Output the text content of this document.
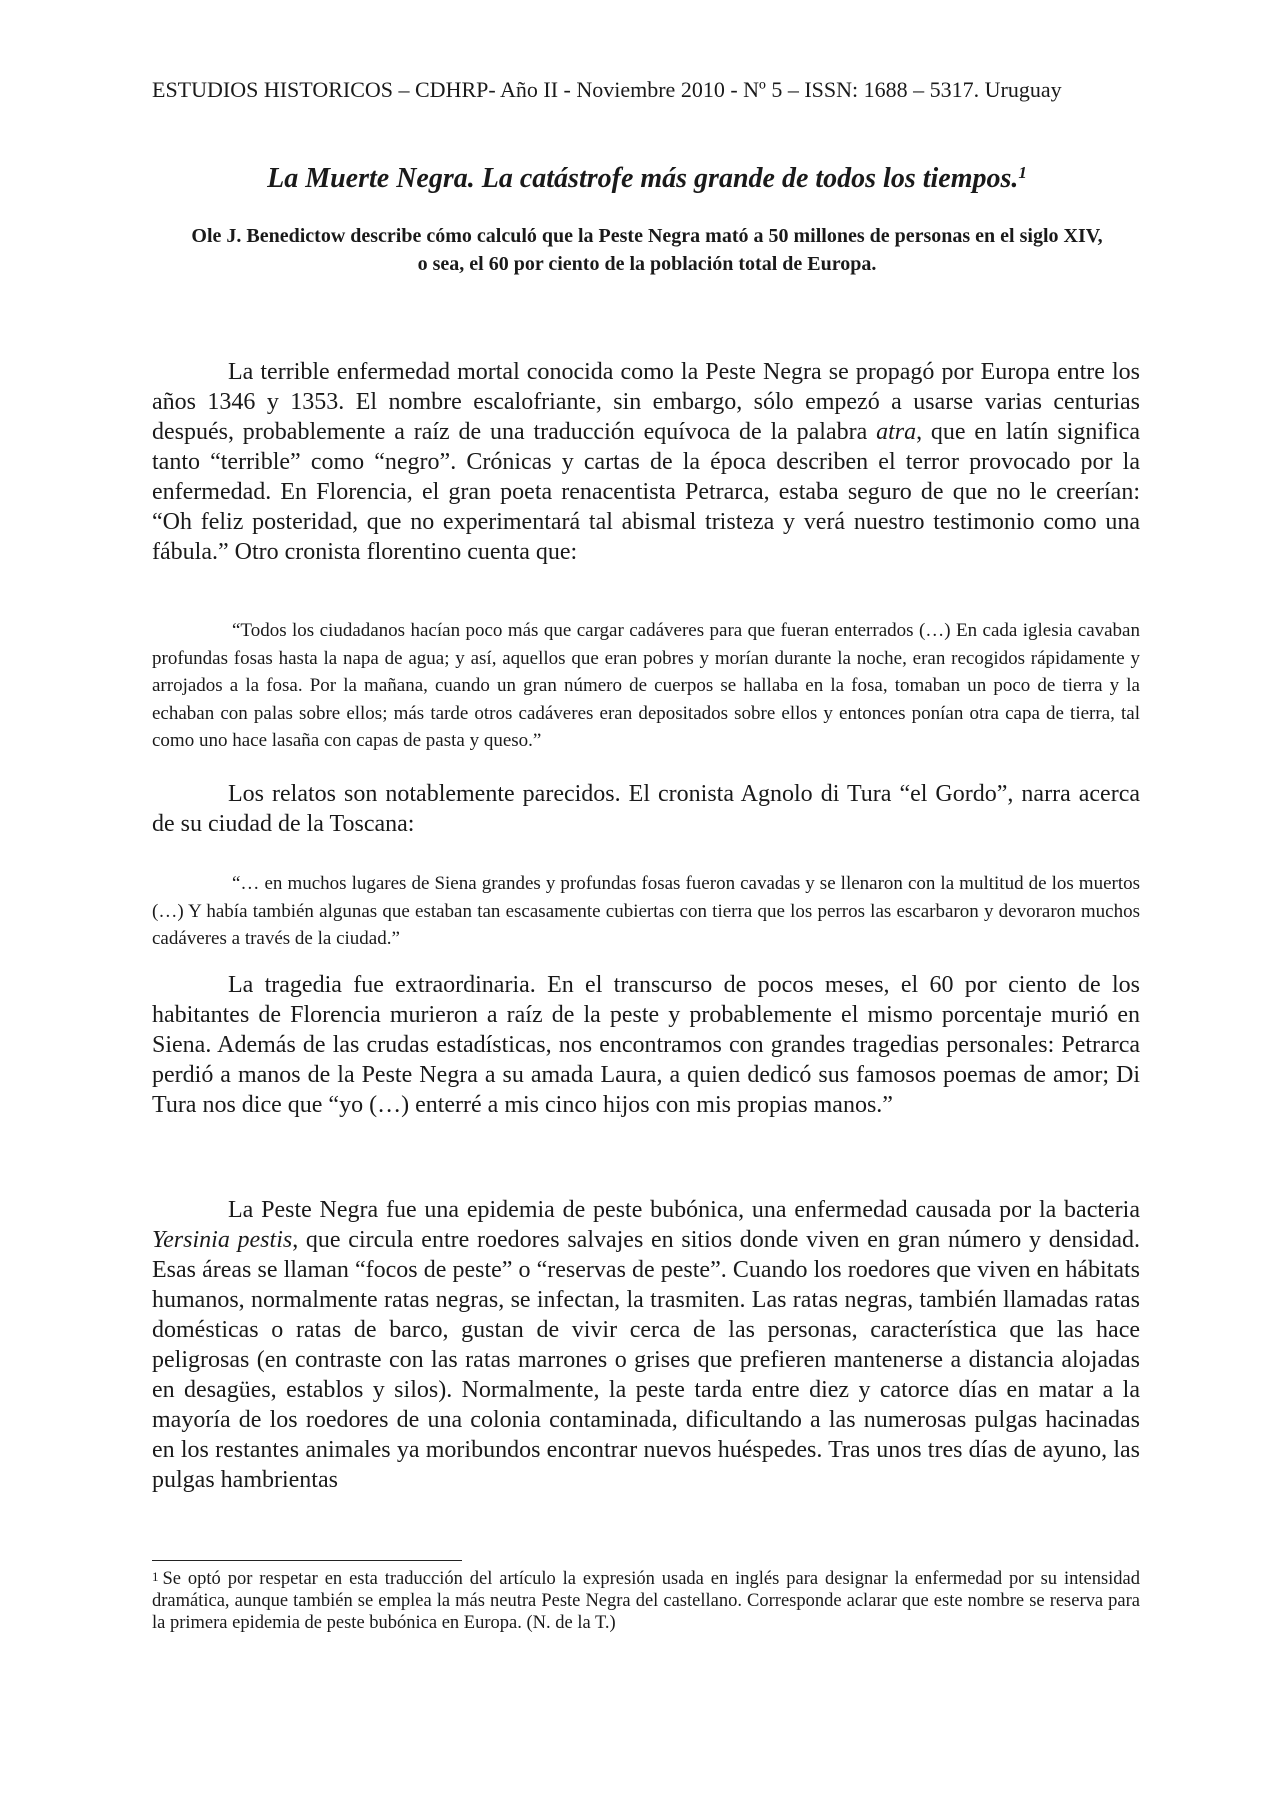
ESTUDIOS HISTORICOS – CDHRP- Año II - Noviembre 2010 - Nº 5 – ISSN: 1688 – 5317. Uruguay
La Muerte Negra. La catástrofe más grande de todos los tiempos.$^1$
Ole J. Benedictow describe cómo calculó que la Peste Negra mató a 50 millones de personas en el siglo XIV,
o sea, el 60 por ciento de la población total de Europa.

La terrible enfermedad mortal conocida como la Peste Negra se propagó por Europa entre los años 1346 y 1353. El nombre escalofriante, sin embargo, sólo empezó a usarse varias centurias después, probablemente a raíz de una traducción equívoca de la palabra atra, que en latín significa tanto “terrible” como “negro”. Crónicas y cartas de la época describen el terror provocado por la enfermedad. En Florencia, el gran poeta renacentista Petrarca, estaba seguro de que no le creerían: “Oh feliz posteridad, que no experimentará tal abismal tristeza y verá nuestro testimonio como una fábula.” Otro cronista florentino cuenta que:

“Todos los ciudadanos hacían poco más que cargar cadáveres para que fueran enterrados (…) En cada iglesia cavaban profundas fosas hasta la napa de agua; y así, aquellos que eran pobres y morían durante la noche, eran recogidos rápidamente y arrojados a la fosa. Por la mañana, cuando un gran número de cuerpos se hallaba en la fosa, tomaban un poco de tierra y la echaban con palas sobre ellos; más tarde otros cadáveres eran depositados sobre ellos y entonces ponían otra capa de tierra, tal como uno hace lasaña con capas de pasta y queso.”

Los relatos son notablemente parecidos. El cronista Agnolo di Tura “el Gordo”, narra acerca de su ciudad de la Toscana:

“… en muchos lugares de Siena grandes y profundas fosas fueron cavadas y se llenaron con la multitud de los muertos (…) Y había también algunas que estaban tan escasamente cubiertas con tierra que los perros las escarbaron y devoraron muchos cadáveres a través de la ciudad.”

La tragedia fue extraordinaria. En el transcurso de pocos meses, el 60 por ciento de los habitantes de Florencia murieron a raíz de la peste y probablemente el mismo porcentaje murió en Siena. Además de las crudas estadísticas, nos encontramos con grandes tragedias personales: Petrarca perdió a manos de la Peste Negra a su amada Laura, a quien dedicó sus famosos poemas de amor; Di Tura nos dice que “yo (…) enterré a mis cinco hijos con mis propias manos.”

La Peste Negra fue una epidemia de peste bubónica, una enfermedad causada por la bacteria Yersinia pestis, que circula entre roedores salvajes en sitios donde viven en gran número y densidad. Esas áreas se llaman “focos de peste” o “reservas de peste”. Cuando los roedores que viven en hábitats humanos, normalmente ratas negras, se infectan, la trasmiten. Las ratas negras, también llamadas ratas domésticas o ratas de barco, gustan de vivir cerca de las personas, característica que las hace peligrosas (en contraste con las ratas marrones o grises que prefieren mantenerse a distancia alojadas en desagües, establos y silos). Normalmente, la peste tarda entre diez y catorce días en matar a la mayoría de los roedores de una colonia contaminada, dificultando a las numerosas pulgas hacinadas en los restantes animales ya moribundos encontrar nuevos huéspedes. Tras unos tres días de ayuno, las pulgas hambrientas

$^1$ Se optó por respetar en esta traducción del artículo la expresión usada en inglés para designar la enfermedad por su intensidad dramática, aunque también se emplea la más neutra Peste Negra del castellano. Corresponde aclarar que este nombre se reserva para la primera epidemia de peste bubónica en Europa. (N. de la T.)
